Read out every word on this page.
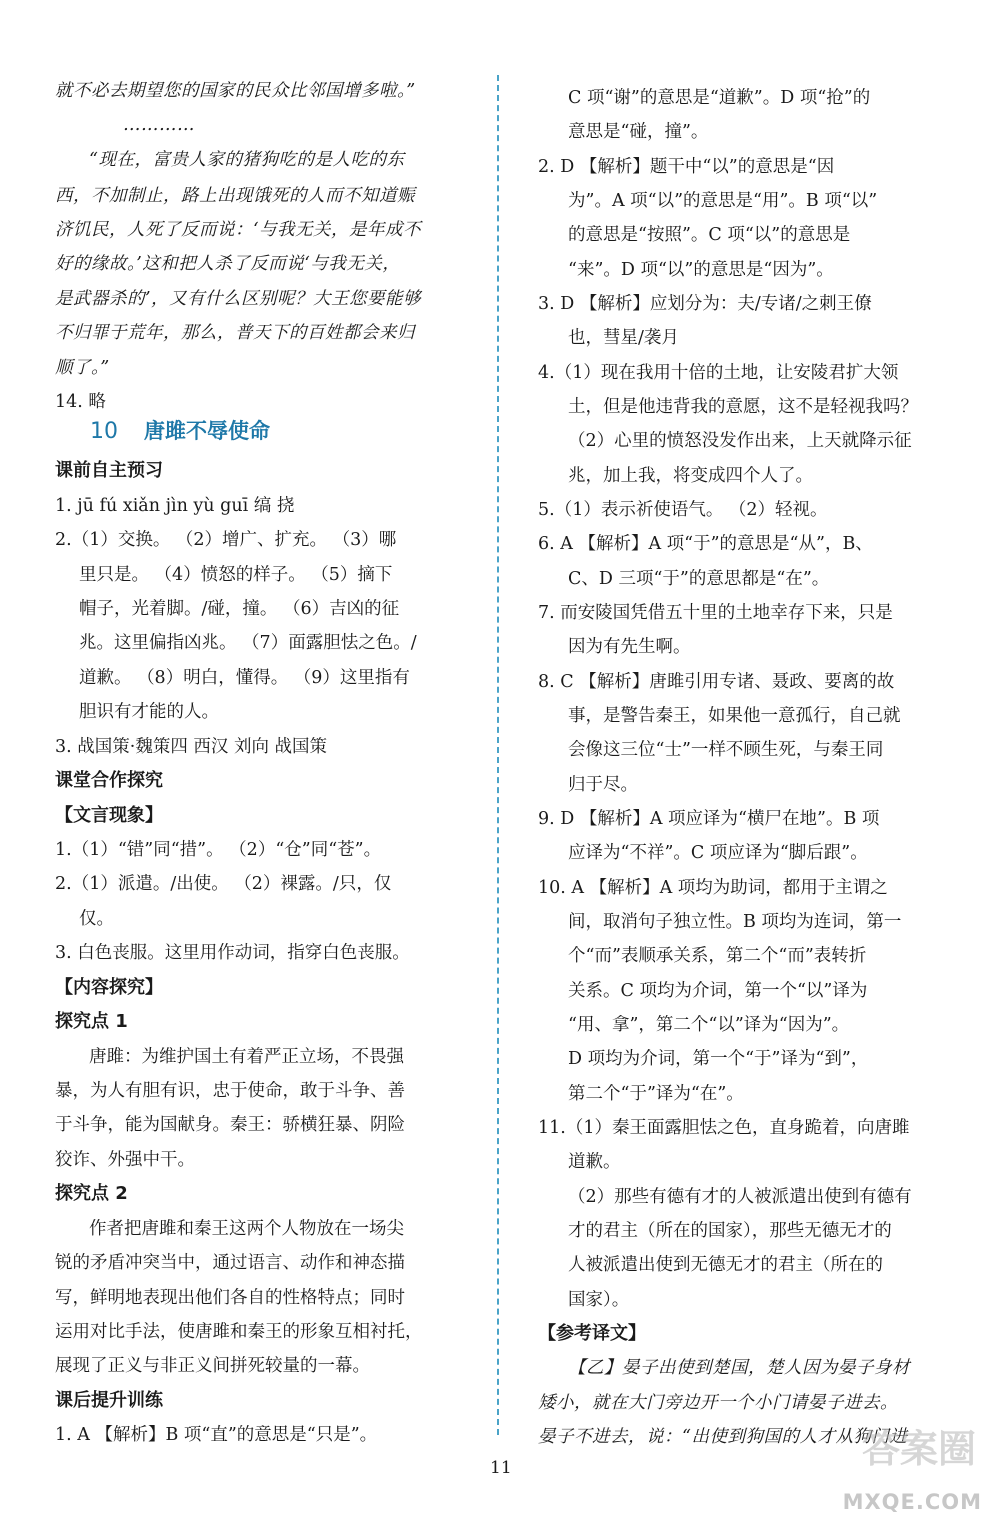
就不必去期望您的国家的民众比邻国增多啦。”
…………
“现在，富贵人家的猪狗吃的是人吃的东
西，不加制止，路上出现饿死的人而不知道赈
济饥民，人死了反而说：‘与我无关，是年成不
好的缘故。’这和把人杀了反而说‘与我无关，
是武器杀的’，又有什么区别呢？大王您要能够
不归罪于荒年，那么，普天下的百姓都会来归
顺了。”
14. 略
10 唐雎不辱使命
课前自主预习
1. jū fú xiǎn jìn yù guī 缟 挠
2.（1）交换。 （2）增广、扩充。 （3）哪
里只是。 （4）愤怒的样子。 （5）摘下
帽子，光着脚。/碰，撞。 （6）吉凶的征
兆。这里偏指凶兆。 （7）面露胆怯之色。/
道歉。 （8）明白，懂得。 （9）这里指有
胆识有才能的人。
3. 战国策·魏策四 西汉 刘向 战国策
课堂合作探究
【文言现象】
1.（1）“错”同“措”。 （2）“仓”同“苍”。
2.（1）派遣。/出使。 （2）裸露。/只，仅
仅。
3. 白色丧服。这里用作动词，指穿白色丧服。
【内容探究】
探究点 1
唐雎：为维护国土有着严正立场，不畏强
暴，为人有胆有识，忠于使命，敢于斗争、善
于斗争，能为国献身。秦王：骄横狂暴、阴险
狡诈、外强中干。
探究点 2
作者把唐雎和秦王这两个人物放在一场尖
锐的矛盾冲突当中，通过语言、动作和神态描
写，鲜明地表现出他们各自的性格特点；同时
运用对比手法，使唐雎和秦王的形象互相衬托，
展现了正义与非正义间拼死较量的一幕。
课后提升训练
1. A 【解析】B 项“直”的意思是“只是”。
C 项“谢”的意思是“道歉”。D 项“抢”的
意思是“碰，撞”。
2. D 【解析】题干中“以”的意思是“因
为”。A 项“以”的意思是“用”。B 项“以”
的意思是“按照”。C 项“以”的意思是
“来”。D 项“以”的意思是“因为”。
3. D 【解析】应划分为：夫/专诸/之刺王僚
也，彗星/袭月
4.（1）现在我用十倍的土地，让安陵君扩大领
土，但是他违背我的意愿，这不是轻视我吗？
（2）心里的愤怒没发作出来，上天就降示征
兆，加上我，将变成四个人了。
5.（1）表示祈使语气。 （2）轻视。
6. A 【解析】A 项“于”的意思是“从”，B、
C、D 三项“于”的意思都是“在”。
7. 而安陵国凭借五十里的土地幸存下来，只是
因为有先生啊。
8. C 【解析】唐雎引用专诸、聂政、要离的故
事，是警告秦王，如果他一意孤行，自己就
会像这三位“士”一样不顾生死，与秦王同
归于尽。
9. D 【解析】A 项应译为“横尸在地”。B 项
应译为“不祥”。C 项应译为“脚后跟”。
10. A 【解析】A 项均为助词，都用于主谓之
间，取消句子独立性。B 项均为连词，第一
个“而”表顺承关系，第二个“而”表转折
关系。C 项均为介词，第一个“以”译为
“用、拿”，第二个“以”译为“因为”。
D 项均为介词，第一个“于”译为“到”，
第二个“于”译为“在”。
11.（1）秦王面露胆怯之色，直身跪着，向唐雎
道歉。
（2）那些有德有才的人被派遣出使到有德有
才的君主（所在的国家），那些无德无才的
人被派遣出使到无德无才的君主（所在的
国家）。
【参考译文】
【乙】晏子出使到楚国，楚人因为晏子身材
矮小，就在大门旁边开一个小门请晏子进去。
晏子不进去，说：“出使到狗国的人才从狗门进
11	答案圈
MXQE.COM
